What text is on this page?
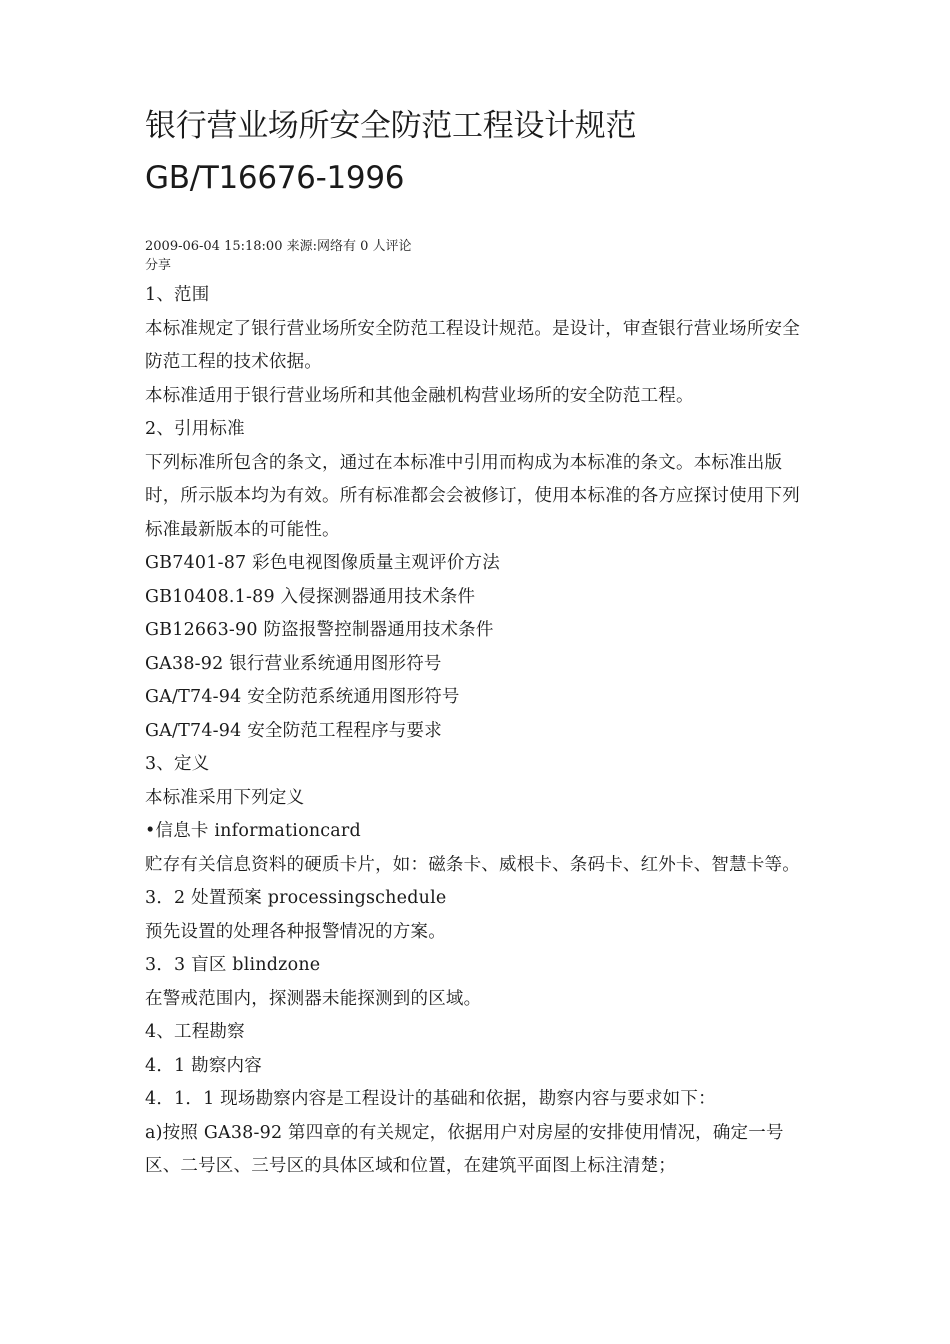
银行营业场所安全防范工程设计规范
GB/T16676-1996
2009-06-04 15:18:00 来源:网络有 0 人评论
分享

1、范围

本标准规定了银行营业场所安全防范工程设计规范。是设计，审查银行营业场所安全防范工程的技术依据。

本标准适用于银行营业场所和其他金融机构营业场所的安全防范工程。

2、引用标准

下列标准所包含的条文，通过在本标准中引用而构成为本标准的条文。本标准出版时，所示版本均为有效。所有标准都会会被修订，使用本标准的各方应探讨使用下列标准最新版本的可能性。

GB7401-87 彩色电视图像质量主观评价方法

GB10408.1-89 入侵探测器通用技术条件

GB12663-90 防盗报警控制器通用技术条件

GA38-92 银行营业系统通用图形符号

GA/T74-94 安全防范系统通用图形符号

GA/T74-94 安全防范工程程序与要求

3、定义

本标准采用下列定义

•信息卡 informationcard

贮存有关信息资料的硬质卡片，如：磁条卡、威根卡、条码卡、红外卡、智慧卡等。

3．2 处置预案 processingschedule

预先设置的处理各种报警情况的方案。

3．3 盲区 blindzone

在警戒范围内，探测器未能探测到的区域。

4、工程勘察

4．1 勘察内容

4．1．1 现场勘察内容是工程设计的基础和依据，勘察内容与要求如下：

a)按照 GA38-92 第四章的有关规定，依据用户对房屋的安排使用情况，确定一号区、二号区、三号区的具体区域和位置，在建筑平面图上标注清楚；
